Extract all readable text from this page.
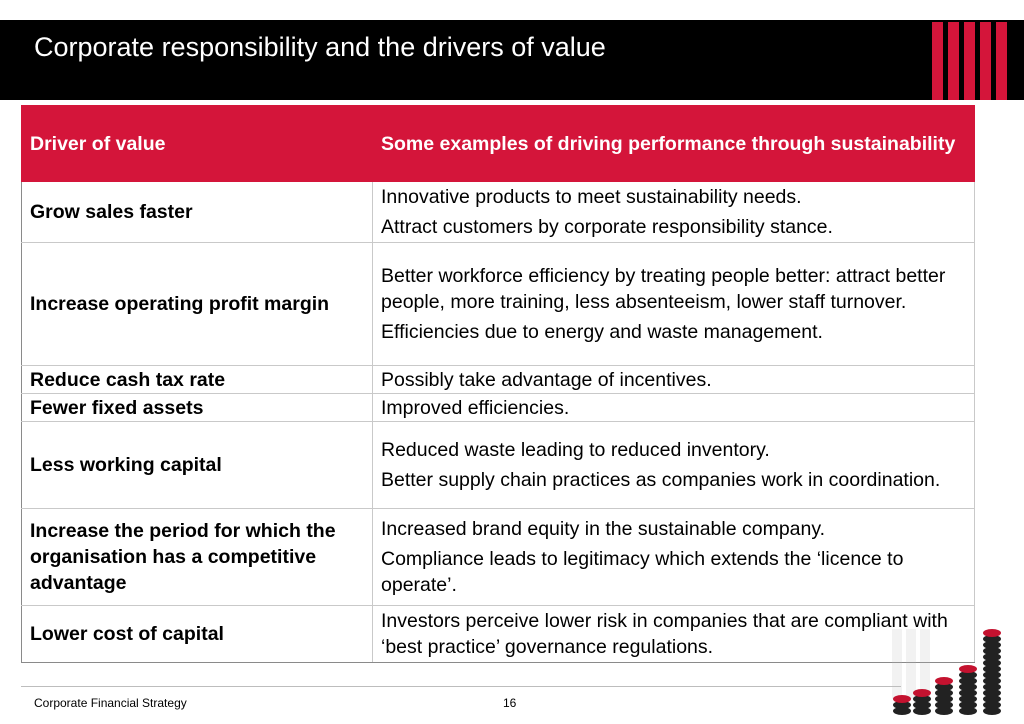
Corporate responsibility and the drivers of value
Driver of value	Some examples of driving performance through sustainability
Grow sales faster	Innovative products to meet sustainability needs.
Attract customers by corporate responsibility stance.

Increase operating profit margin	Better workforce efficiency by treating people better: attract better people, more training, less absenteeism, lower staff turnover.
Efficiencies due to energy and waste management.

Reduce cash tax rate	Possibly take advantage of incentives.

Fewer fixed assets	Improved efficiencies.

Less working capital	Reduced waste leading to reduced inventory.
Better supply chain practices as companies work in coordination.

Increase the period for which the organisation has a competitive advantage	Increased brand equity in the sustainable company.
Compliance leads to legitimacy which extends the ‘licence to operate’.

Lower cost of capital	Investors perceive lower risk in companies that are compliant with ‘best practice’ governance regulations.
Corporate Financial Strategy	16
